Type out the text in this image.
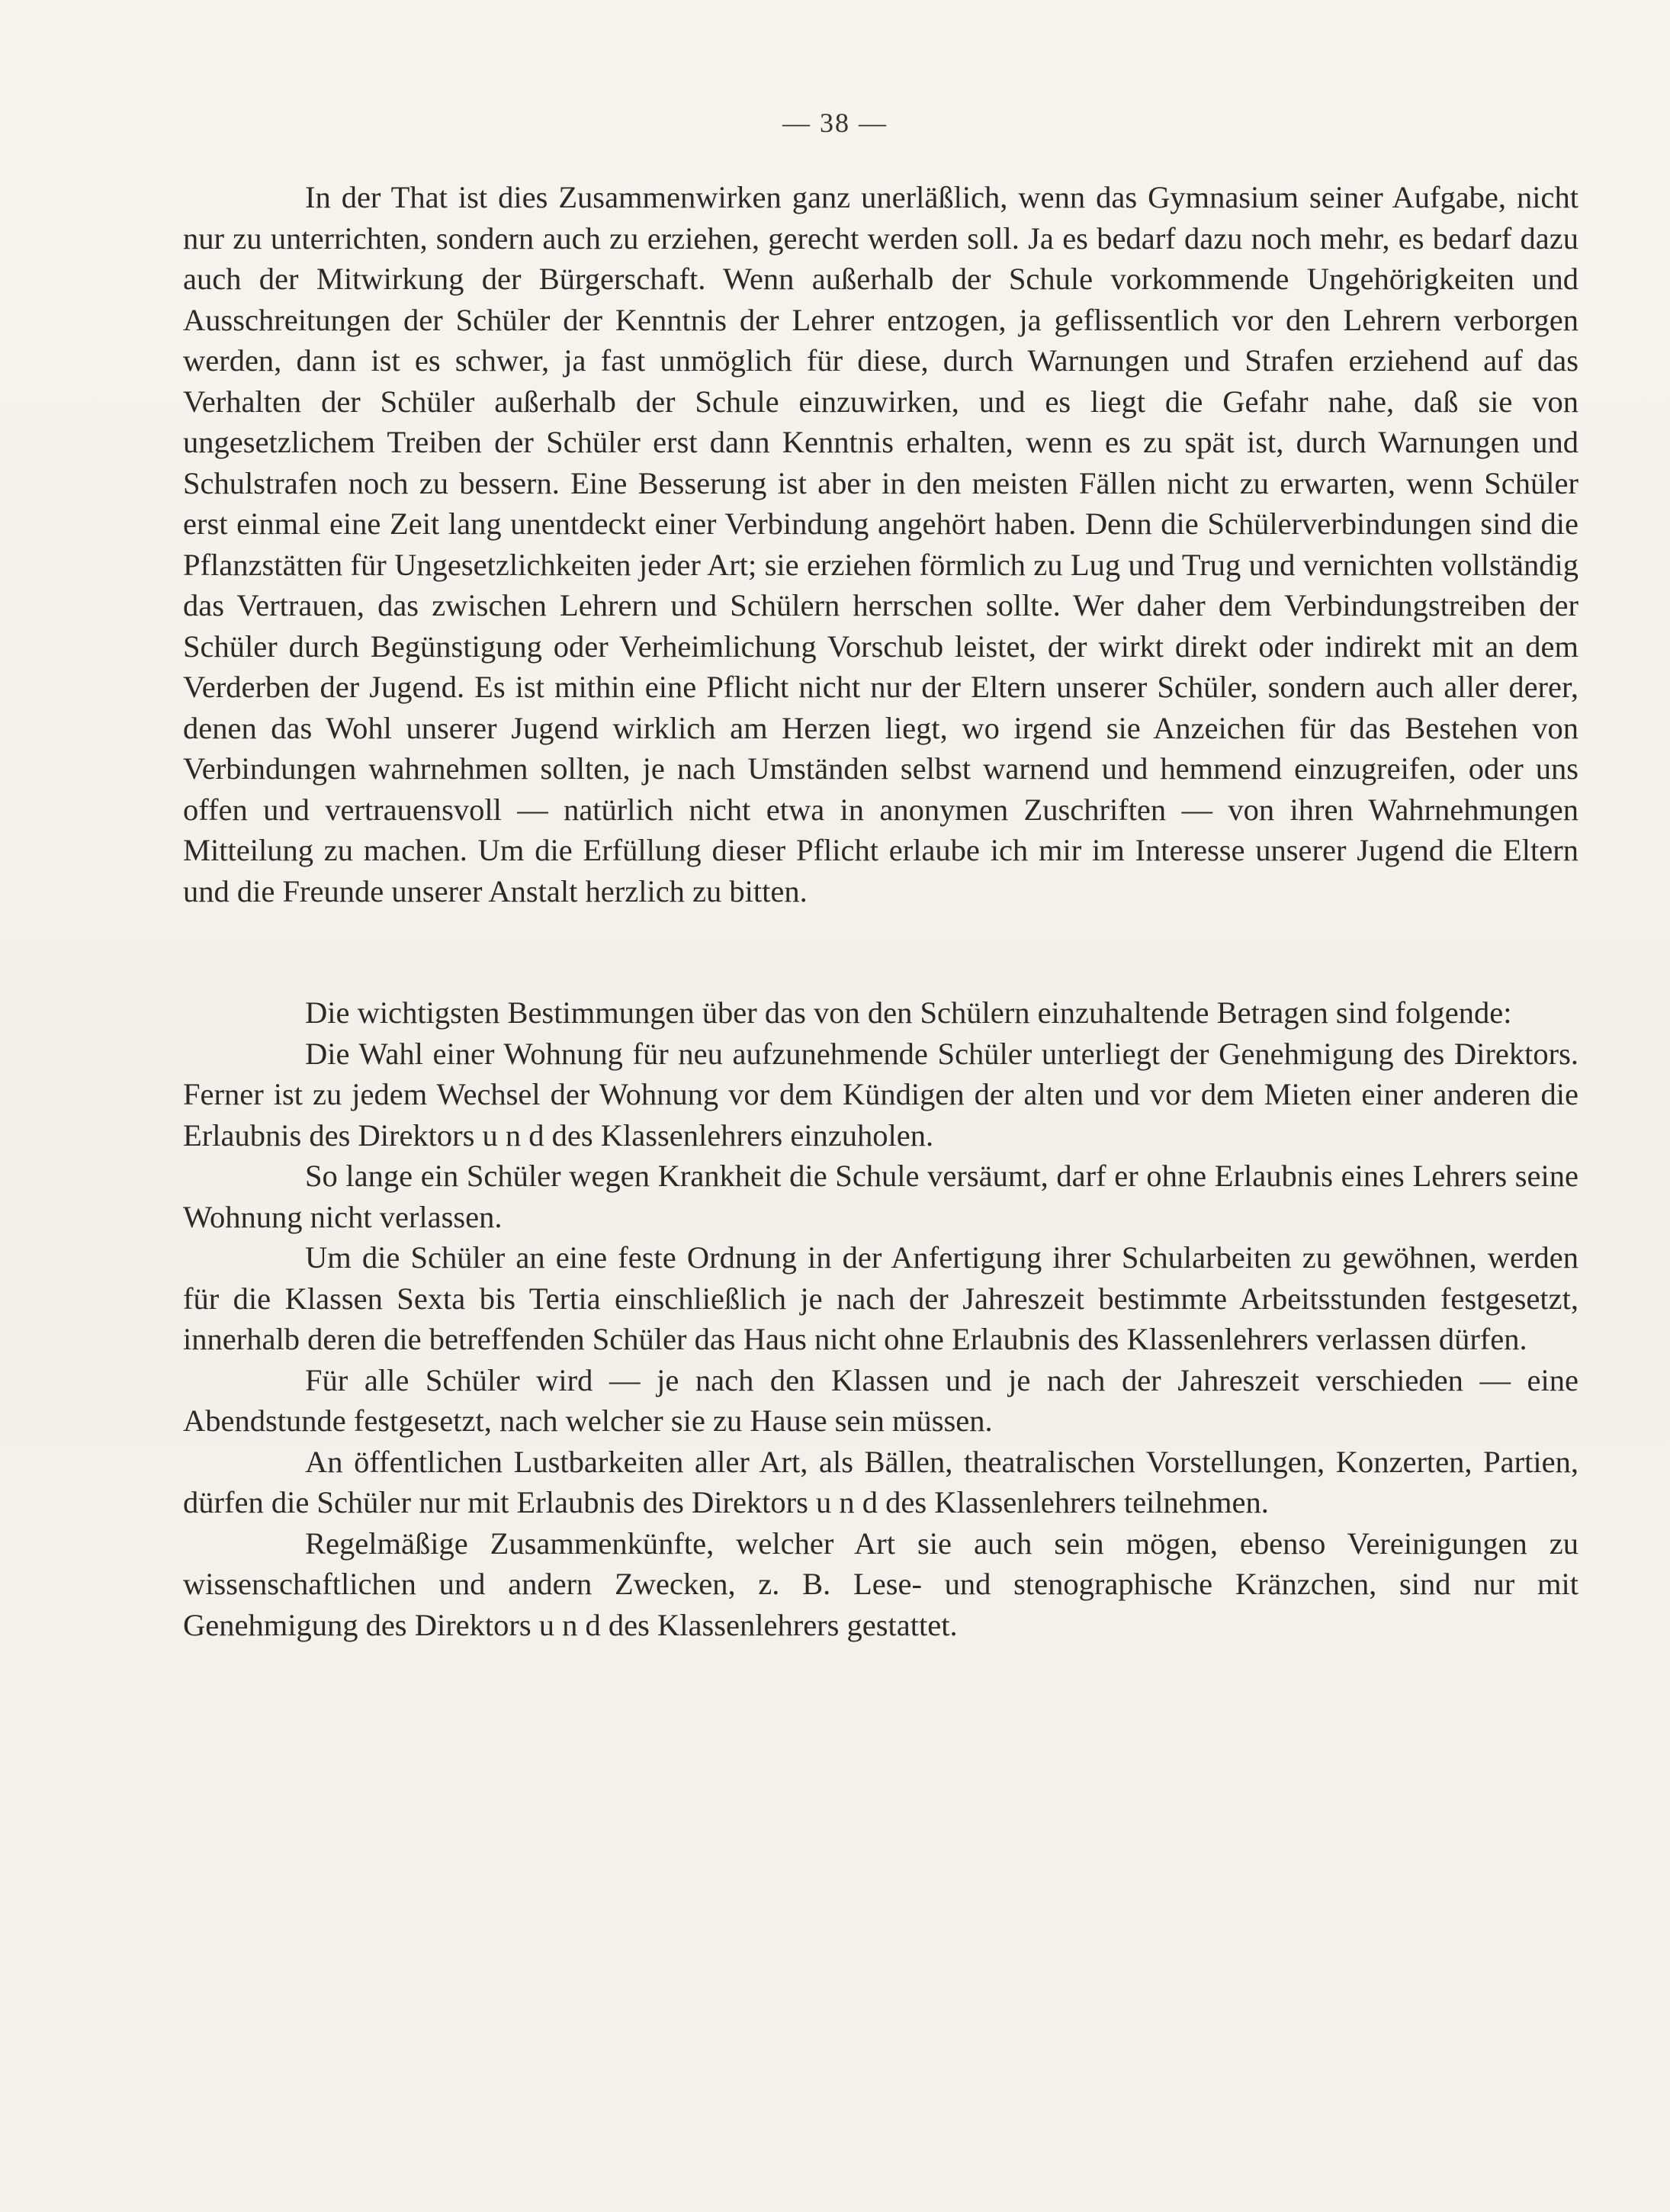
— 38 —

In der That ist dies Zusammenwirken ganz unerläßlich, wenn das Gymnasium seiner Aufgabe, nicht nur zu unterrichten, sondern auch zu erziehen, gerecht werden soll. Ja es bedarf dazu noch mehr, es bedarf dazu auch der Mitwirkung der Bürgerschaft. Wenn außerhalb der Schule vorkommende Ungehörigkeiten und Ausschreitungen der Schüler der Kenntnis der Lehrer entzogen, ja geflissentlich vor den Lehrern verborgen werden, dann ist es schwer, ja fast unmöglich für diese, durch Warnungen und Strafen erziehend auf das Verhalten der Schüler außerhalb der Schule einzuwirken, und es liegt die Gefahr nahe, daß sie von ungesetzlichem Treiben der Schüler erst dann Kenntnis erhalten, wenn es zu spät ist, durch Warnungen und Schulstrafen noch zu bessern. Eine Besserung ist aber in den meisten Fällen nicht zu erwarten, wenn Schüler erst einmal eine Zeit lang unentdeckt einer Verbindung angehört haben. Denn die Schülerverbindungen sind die Pflanzstätten für Ungesetzlichkeiten jeder Art; sie erziehen förmlich zu Lug und Trug und vernichten vollständig das Vertrauen, das zwischen Lehrern und Schülern herrschen sollte. Wer daher dem Verbindungstreiben der Schüler durch Begünstigung oder Verheimlichung Vorschub leistet, der wirkt direkt oder indirekt mit an dem Verderben der Jugend. Es ist mithin eine Pflicht nicht nur der Eltern unserer Schüler, sondern auch aller derer, denen das Wohl unserer Jugend wirklich am Herzen liegt, wo irgend sie Anzeichen für das Bestehen von Verbindungen wahrnehmen sollten, je nach Umständen selbst warnend und hemmend einzugreifen, oder uns offen und vertrauensvoll — natürlich nicht etwa in anonymen Zuschriften — von ihren Wahrnehmungen Mitteilung zu machen. Um die Erfüllung dieser Pflicht erlaube ich mir im Interesse unserer Jugend die Eltern und die Freunde unserer Anstalt herzlich zu bitten.

Die wichtigsten Bestimmungen über das von den Schülern einzuhaltende Betragen sind folgende:

Die Wahl einer Wohnung für neu aufzunehmende Schüler unterliegt der Genehmigung des Direktors. Ferner ist zu jedem Wechsel der Wohnung vor dem Kündigen der alten und vor dem Mieten einer anderen die Erlaubnis des Direktors u n d des Klassenlehrers einzuholen.

So lange ein Schüler wegen Krankheit die Schule versäumt, darf er ohne Erlaubnis eines Lehrers seine Wohnung nicht verlassen.

Um die Schüler an eine feste Ordnung in der Anfertigung ihrer Schularbeiten zu gewöhnen, werden für die Klassen Sexta bis Tertia einschließlich je nach der Jahreszeit bestimmte Arbeitsstunden festgesetzt, innerhalb deren die betreffenden Schüler das Haus nicht ohne Erlaubnis des Klassenlehrers verlassen dürfen.

Für alle Schüler wird — je nach den Klassen und je nach der Jahreszeit verschieden — eine Abendstunde festgesetzt, nach welcher sie zu Hause sein müssen.

An öffentlichen Lustbarkeiten aller Art, als Bällen, theatralischen Vorstellungen, Konzerten, Partien, dürfen die Schüler nur mit Erlaubnis des Direktors u n d des Klassenlehrers teilnehmen.

Regelmäßige Zusammenkünfte, welcher Art sie auch sein mögen, ebenso Vereinigungen zu wissenschaftlichen und andern Zwecken, z. B. Lese- und stenographische Kränzchen, sind nur mit Genehmigung des Direktors u n d des Klassenlehrers gestattet.
